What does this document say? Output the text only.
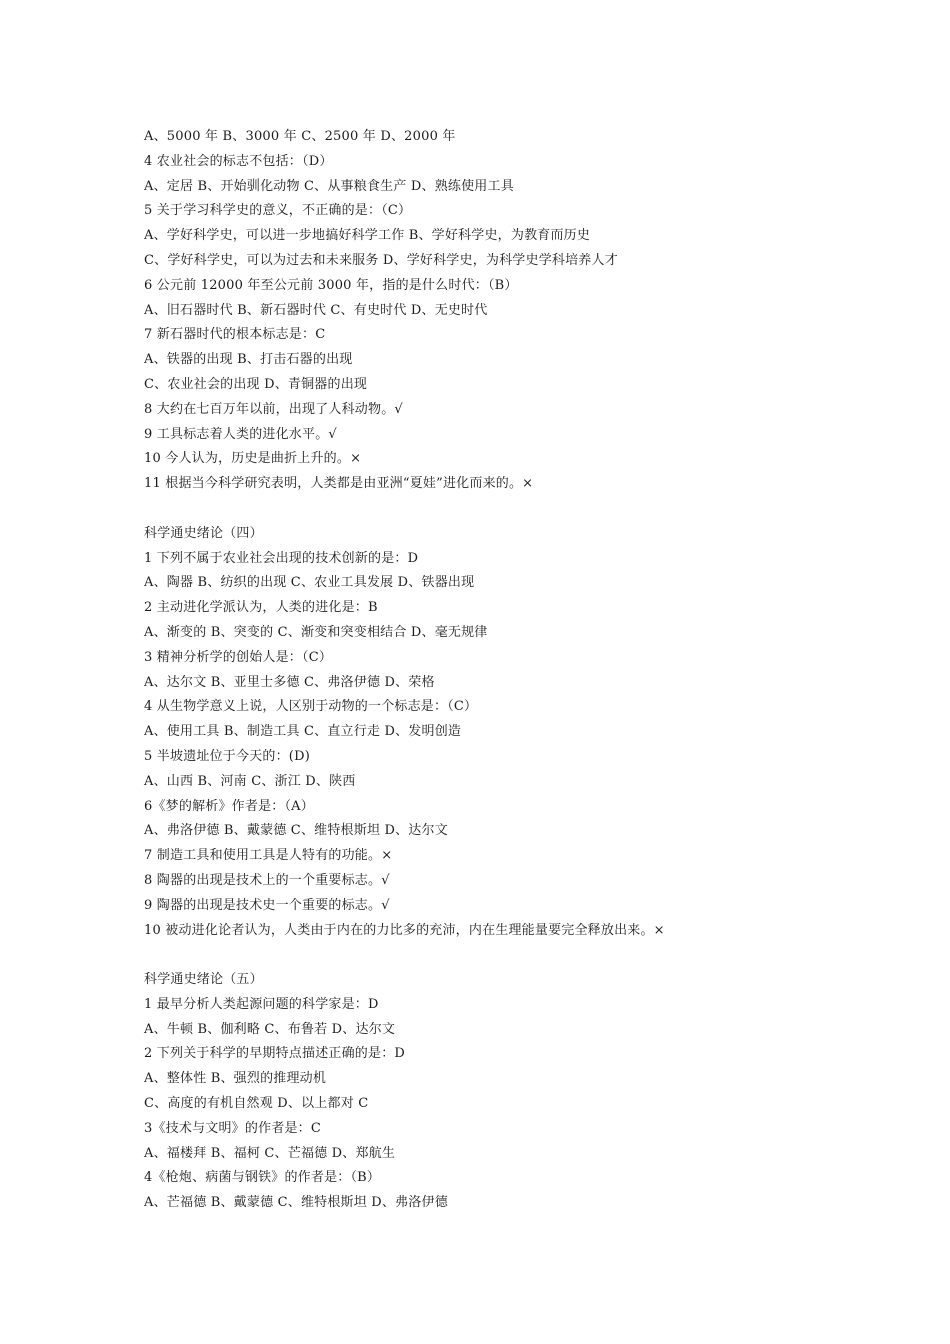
A、5000 年 B、3000 年 C、2500 年 D、2000 年
4 农业社会的标志不包括：（D）
A、定居 B、开始驯化动物 C、从事粮食生产 D、熟练使用工具
5 关于学习科学史的意义，不正确的是：（C）
A、学好科学史，可以进一步地搞好科学工作 B、学好科学史，为教育而历史
C、学好科学史，可以为过去和未来服务 D、学好科学史，为科学史学科培养人才
6 公元前 12000 年至公元前 3000 年，指的是什么时代：（B）
A、旧石器时代 B、新石器时代 C、有史时代 D、无史时代
7 新石器时代的根本标志是：C
A、铁器的出现 B、打击石器的出现
C、农业社会的出现 D、青铜器的出现
8 大约在七百万年以前，出现了人科动物。√
9 工具标志着人类的进化水平。√
10 今人认为，历史是曲折上升的。×
11 根据当今科学研究表明，人类都是由亚洲“夏娃”进化而来的。×
科学通史绪论（四）
1 下列不属于农业社会出现的技术创新的是：D
A、陶器 B、纺织的出现 C、农业工具发展 D、铁器出现
2 主动进化学派认为，人类的进化是：B
A、渐变的 B、突变的 C、渐变和突变相结合 D、毫无规律
3 精神分析学的创始人是：（C）
A、达尔文 B、亚里士多德 C、弗洛伊德 D、荣格
4 从生物学意义上说，人区别于动物的一个标志是：（C）
A、使用工具 B、制造工具 C、直立行走 D、发明创造
5 半坡遗址位于今天的：(D)
A、山西 B、河南 C、浙江 D、陕西
6《梦的解析》作者是：（A）
A、弗洛伊德 B、戴蒙德 C、维特根斯坦 D、达尔文
7 制造工具和使用工具是人特有的功能。×
8 陶器的出现是技术上的一个重要标志。√
9 陶器的出现是技术史一个重要的标志。√
10 被动进化论者认为，人类由于内在的力比多的充沛，内在生理能量要完全释放出来。×
科学通史绪论（五）
1 最早分析人类起源问题的科学家是：D
A、牛顿 B、伽利略 C、布鲁若 D、达尔文
2 下列关于科学的早期特点描述正确的是：D
A、整体性 B、强烈的推理动机
C、高度的有机自然观 D、以上都对 C
3《技术与文明》的作者是：C
A、福楼拜 B、福柯 C、芒福德 D、郑航生
4《枪炮、病菌与钢铁》的作者是：（B）
A、芒福德 B、戴蒙德 C、维特根斯坦 D、弗洛伊德
